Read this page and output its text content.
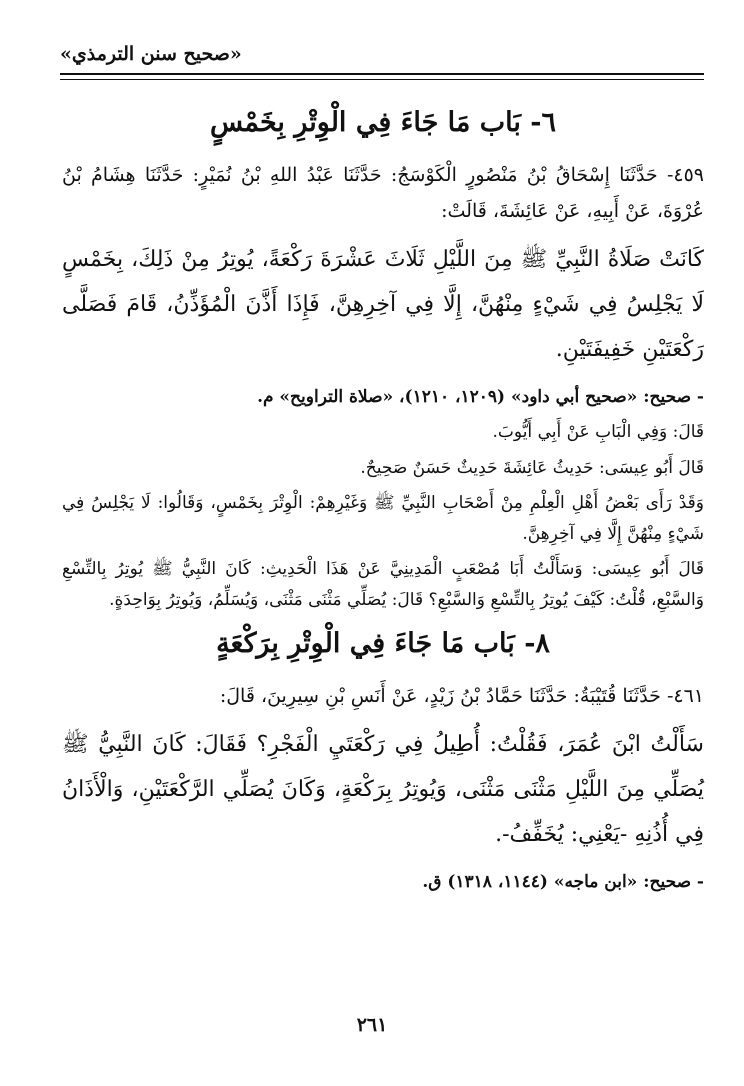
«صحيح سنن الترمذي»
٦- بَاب مَا جَاءَ فِي الْوِتْرِ بِخَمْسٍ

٤٥٩- حَدَّثَنَا إِسْحَاقُ بْنُ مَنْصُورٍ الْكَوْسَجُ: حَدَّثَنَا عَبْدُ اللهِ بْنُ نُمَيْرٍ: حَدَّثَنَا هِشَامُ بْنُ عُرْوَةَ، عَنْ أَبِيهِ، عَنْ عَائِشَةَ، قَالَتْ:

كَانَتْ صَلَاةُ النَّبِيِّ ﷺ مِنَ اللَّيْلِ ثَلَاثَ عَشْرَةَ رَكْعَةً، يُوتِرُ مِنْ ذَلِكَ، بِخَمْسٍ لَا يَجْلِسُ فِي شَيْءٍ مِنْهُنَّ، إِلَّا فِي آخِرِهِنَّ، فَإِذَا أَذَّنَ الْمُؤَذِّنُ، قَامَ فَصَلَّى رَكْعَتَيْنِ خَفِيفَتَيْنِ.

- صحيح: «صحيح أبي داود» (١٢٠٩، ١٢١٠)، «صلاة التراويح» م.

قَالَ: وَفِي الْبَابِ عَنْ أَبِي أَيُّوبَ.

قَالَ أَبُو عِيسَى: حَدِيثُ عَائِشَةَ حَدِيثٌ حَسَنٌ صَحِيحٌ.

وَقَدْ رَأَى بَعْضُ أَهْلِ الْعِلْمِ مِنْ أَصْحَابِ النَّبِيِّ ﷺ وَغَيْرِهِمْ: الْوِتْرَ بِخَمْسٍ، وَقَالُوا: لَا يَجْلِسُ فِي شَيْءٍ مِنْهُنَّ إِلَّا فِي آخِرِهِنَّ.

قَالَ أَبُو عِيسَى: وَسَأَلْتُ أَبَا مُصْعَبٍ الْمَدِينِيَّ عَنْ هَذَا الْحَدِيثِ: كَانَ النَّبِيُّ ﷺ يُوتِرُ بِالتِّسْعِ وَالسَّبْعِ، قُلْتُ: كَيْفَ يُوتِرُ بِالتِّسْعِ وَالسَّبْعِ؟ قَالَ: يُصَلِّي مَثْنَى مَثْنَى، وَيُسَلِّمُ، وَيُوتِرُ بِوَاحِدَةٍ.

٨- بَاب مَا جَاءَ فِي الْوِتْرِ بِرَكْعَةٍ

٤٦١- حَدَّثَنَا قُتَيْبَةُ: حَدَّثَنَا حَمَّادُ بْنُ زَيْدٍ، عَنْ أَنَسِ بْنِ سِيرِينَ، قَالَ:

سَأَلْتُ ابْنَ عُمَرَ، فَقُلْتُ: أُطِيلُ فِي رَكْعَتَيِ الْفَجْرِ؟ فَقَالَ: كَانَ النَّبِيُّ ﷺ يُصَلِّي مِنَ اللَّيْلِ مَثْنَى مَثْنَى، وَيُوتِرُ بِرَكْعَةٍ، وَكَانَ يُصَلِّي الرَّكْعَتَيْنِ، وَالْأَذَانُ فِي أُذُنِهِ -يَعْنِي: يُخَفِّفُ-.

- صحيح: «ابن ماجه» (١١٤٤، ١٣١٨) ق.

٢٦١
